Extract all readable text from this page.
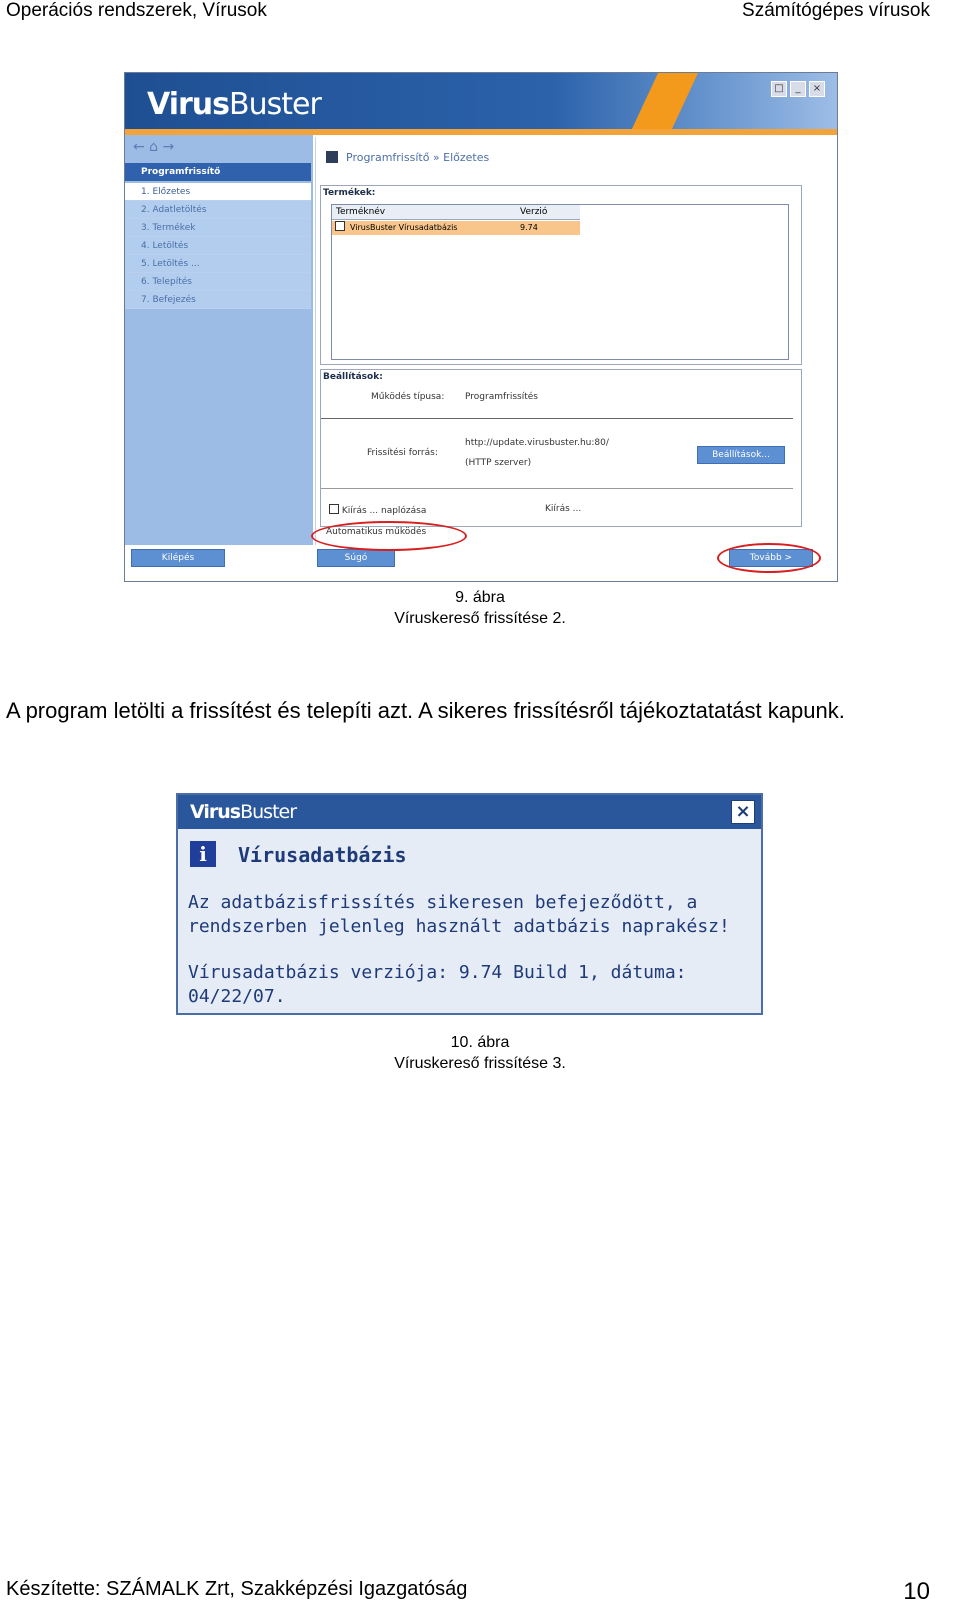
Operációs rendszerek, Vírusok	Számítógépes vírusok
VirusBuster	□	_	×
← ⌂ →
Programfrissítő
1. Előzetes
2. Adatletöltés
3. Termékek
4. Letöltés
5. Letöltés ...
6. Telepítés
7. Befejezés
Programfrissítő » Előzetes
Termékek:
Terméknév	Verzió
VirusBuster Vírusadatbázis	9.74
Beállítások:
Működés típusa: Programfrissítés
Frissítési forrás:
http://update.virusbuster.hu:80/
(HTTP szerver)
Beállítások...
Kiírás ... naplózása	Kiírás ...
Automatikus működés
Kilépés	Súgó	Tovább >
9. ábra
Víruskereső frissítése 2.
A program letölti a frissítést és telepíti azt. A sikeres frissítésről tájékoztatatást kapunk.
VirusBuster	×
i	Vírusadatbázis
Az adatbázisfrissítés sikeresen befejeződött, a
rendszerben jelenleg használt adatbázis naprakész!
Vírusadatbázis verziója: 9.74 Build 1, dátuma:
04/22/07.
10. ábra
Víruskereső frissítése 3.
Készítette: SZÁMALK Zrt, Szakképzési Igazgatóság	10
